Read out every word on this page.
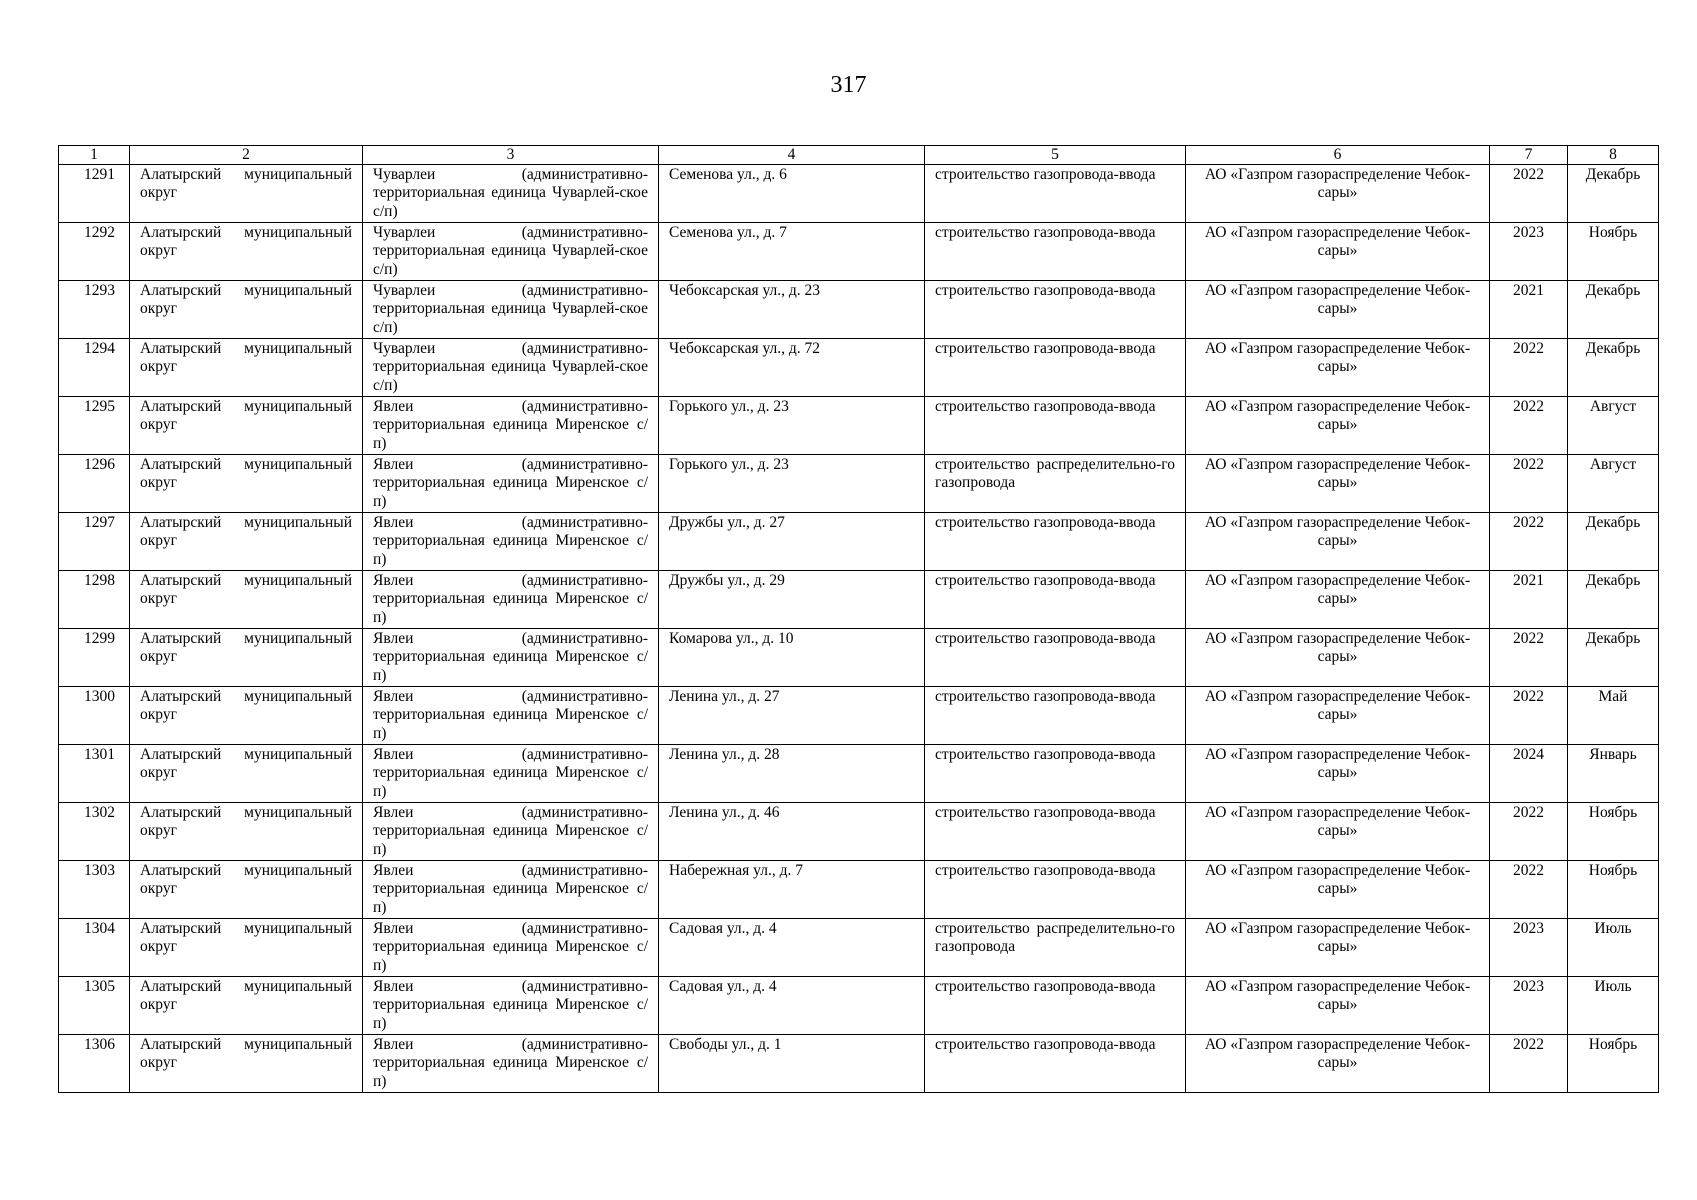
317
1	2	3	4	5	6	7	8
1291	Алатырский муниципальный округ	Чуварлеи (административно-территориальная единица Чуварлей-ское с/п)	Семенова ул., д. 6	строительство газопровода-ввода	АО «Газпром газораспределение Чебок-сары»	2022	Декабрь
1292	Алатырский муниципальный округ	Чуварлеи (административно-территориальная единица Чуварлей-ское с/п)	Семенова ул., д. 7	строительство газопровода-ввода	АО «Газпром газораспределение Чебок-сары»	2023	Ноябрь
1293	Алатырский муниципальный округ	Чуварлеи (административно-территориальная единица Чуварлей-ское с/п)	Чебоксарская ул., д. 23	строительство газопровода-ввода	АО «Газпром газораспределение Чебок-сары»	2021	Декабрь
1294	Алатырский муниципальный округ	Чуварлеи (административно-территориальная единица Чуварлей-ское с/п)	Чебоксарская ул., д. 72	строительство газопровода-ввода	АО «Газпром газораспределение Чебок-сары»	2022	Декабрь
1295	Алатырский муниципальный округ	Явлеи (административно-территориальная единица Миренское с/п)	Горького ул., д. 23	строительство газопровода-ввода	АО «Газпром газораспределение Чебок-сары»	2022	Август
1296	Алатырский муниципальный округ	Явлеи (административно-территориальная единица Миренское с/п)	Горького ул., д. 23	строительство распределительно-го газопровода	АО «Газпром газораспределение Чебок-сары»	2022	Август
1297	Алатырский муниципальный округ	Явлеи (административно-территориальная единица Миренское с/п)	Дружбы ул., д. 27	строительство газопровода-ввода	АО «Газпром газораспределение Чебок-сары»	2022	Декабрь
1298	Алатырский муниципальный округ	Явлеи (административно-территориальная единица Миренское с/п)	Дружбы ул., д. 29	строительство газопровода-ввода	АО «Газпром газораспределение Чебок-сары»	2021	Декабрь
1299	Алатырский муниципальный округ	Явлеи (административно-территориальная единица Миренское с/п)	Комарова ул., д. 10	строительство газопровода-ввода	АО «Газпром газораспределение Чебок-сары»	2022	Декабрь
1300	Алатырский муниципальный округ	Явлеи (административно-территориальная единица Миренское с/п)	Ленина ул., д. 27	строительство газопровода-ввода	АО «Газпром газораспределение Чебок-сары»	2022	Май
1301	Алатырский муниципальный округ	Явлеи (административно-территориальная единица Миренское с/п)	Ленина ул., д. 28	строительство газопровода-ввода	АО «Газпром газораспределение Чебок-сары»	2024	Январь
1302	Алатырский муниципальный округ	Явлеи (административно-территориальная единица Миренское с/п)	Ленина ул., д. 46	строительство газопровода-ввода	АО «Газпром газораспределение Чебок-сары»	2022	Ноябрь
1303	Алатырский муниципальный округ	Явлеи (административно-территориальная единица Миренское с/п)	Набережная ул., д. 7	строительство газопровода-ввода	АО «Газпром газораспределение Чебок-сары»	2022	Ноябрь
1304	Алатырский муниципальный округ	Явлеи (административно-территориальная единица Миренское с/п)	Садовая ул., д. 4	строительство распределительно-го газопровода	АО «Газпром газораспределение Чебок-сары»	2023	Июль
1305	Алатырский муниципальный округ	Явлеи (административно-территориальная единица Миренское с/п)	Садовая ул., д. 4	строительство газопровода-ввода	АО «Газпром газораспределение Чебок-сары»	2023	Июль
1306	Алатырский муниципальный округ	Явлеи (административно-территориальная единица Миренское с/п)	Свободы ул., д. 1	строительство газопровода-ввода	АО «Газпром газораспределение Чебок-сары»	2022	Ноябрь
